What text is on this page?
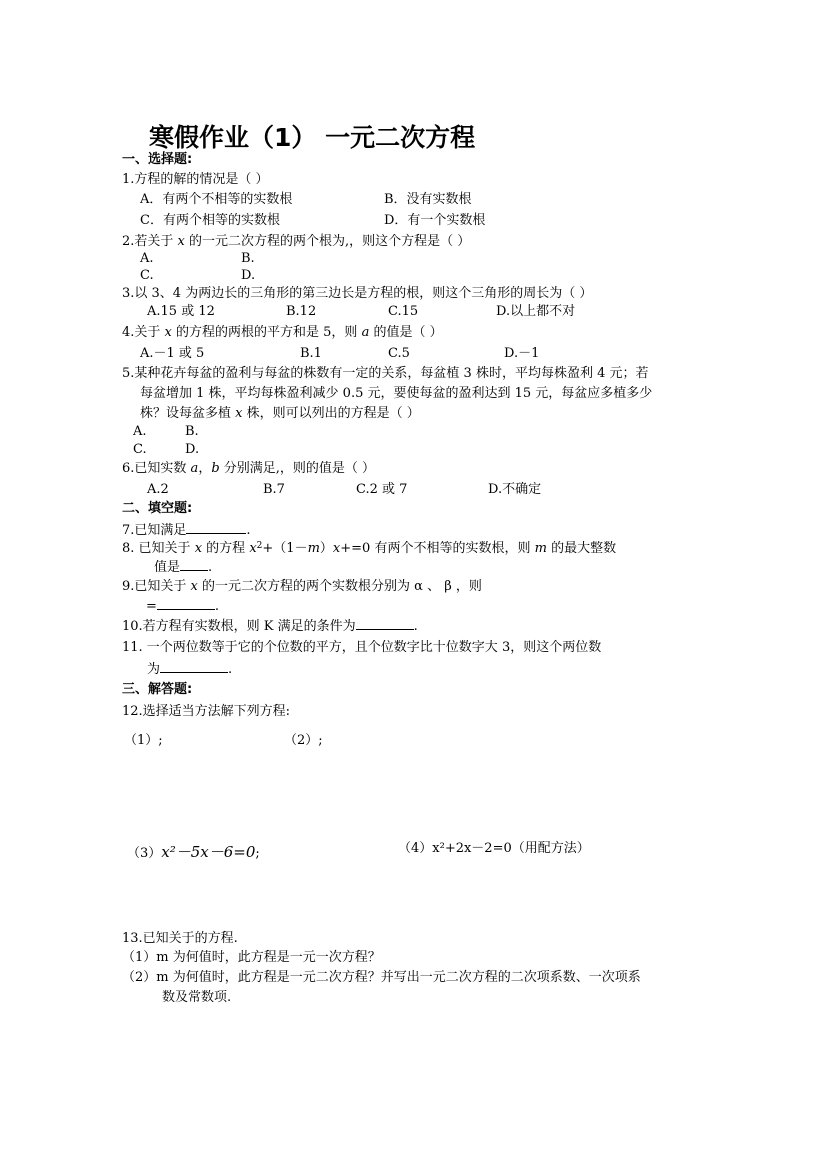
寒假作业（1） 一元二次方程
一、选择题:
1.方程的解的情况是（ ）
A．有两个不相等的实数根	B．没有实数根
C．有两个相等的实数根	D．有一个实数根
2.若关于 x 的一元二次方程的两个根为,，则这个方程是（ ）
A.	B.
C.	D.
3.以 3、4 为两边长的三角形的第三边长是方程的根，则这个三角形的周长为（ ）
A.15 或 12	B.12	C.15	D.以上都不对
4.关于 x 的方程的两根的平方和是 5，则 a 的值是（ ）
A.－1 或 5	B.1	C.5	D.－1
5.某种花卉每盆的盈利与每盆的株数有一定的关系，每盆植 3 株时，平均每株盈利 4 元；若
每盆增加 1 株，平均每株盈利减少 0.5 元，要使每盆的盈利达到 15 元，每盆应多植多少
株？设每盆多植 x 株，则可以列出的方程是（ ）
A.	B.
C.	D.
6.已知实数 a，b 分别满足,，则的值是（ ）
A.2	B.7	C.2 或 7	D.不确定
二、填空题:
7.已知满足	.
8. 已知关于 x 的方程 $x^2+(1-m)x+=0$ 有两个不相等的实数根，则 m 的最大整数
值是 .
9.已知关于 x 的一元二次方程的两个实数根分别为 α 、 β ，则
=	.
10.若方程有实数根，则 K 满足的条件为	.
11. 一个两位数等于它的个位数的平方，且个位数字比十位数字大 3，则这个两位数
为	.
三、解答题:
12.选择适当方法解下列方程:
（1）;	（2）;
（3）x²－5x－6=0;	（4）x²+2x－2=0（用配方法）
13.已知关于的方程.
（1）m 为何值时，此方程是一元一次方程？
（2）m 为何值时，此方程是一元二次方程？并写出一元二次方程的二次项系数、一次项系
数及常数项.
